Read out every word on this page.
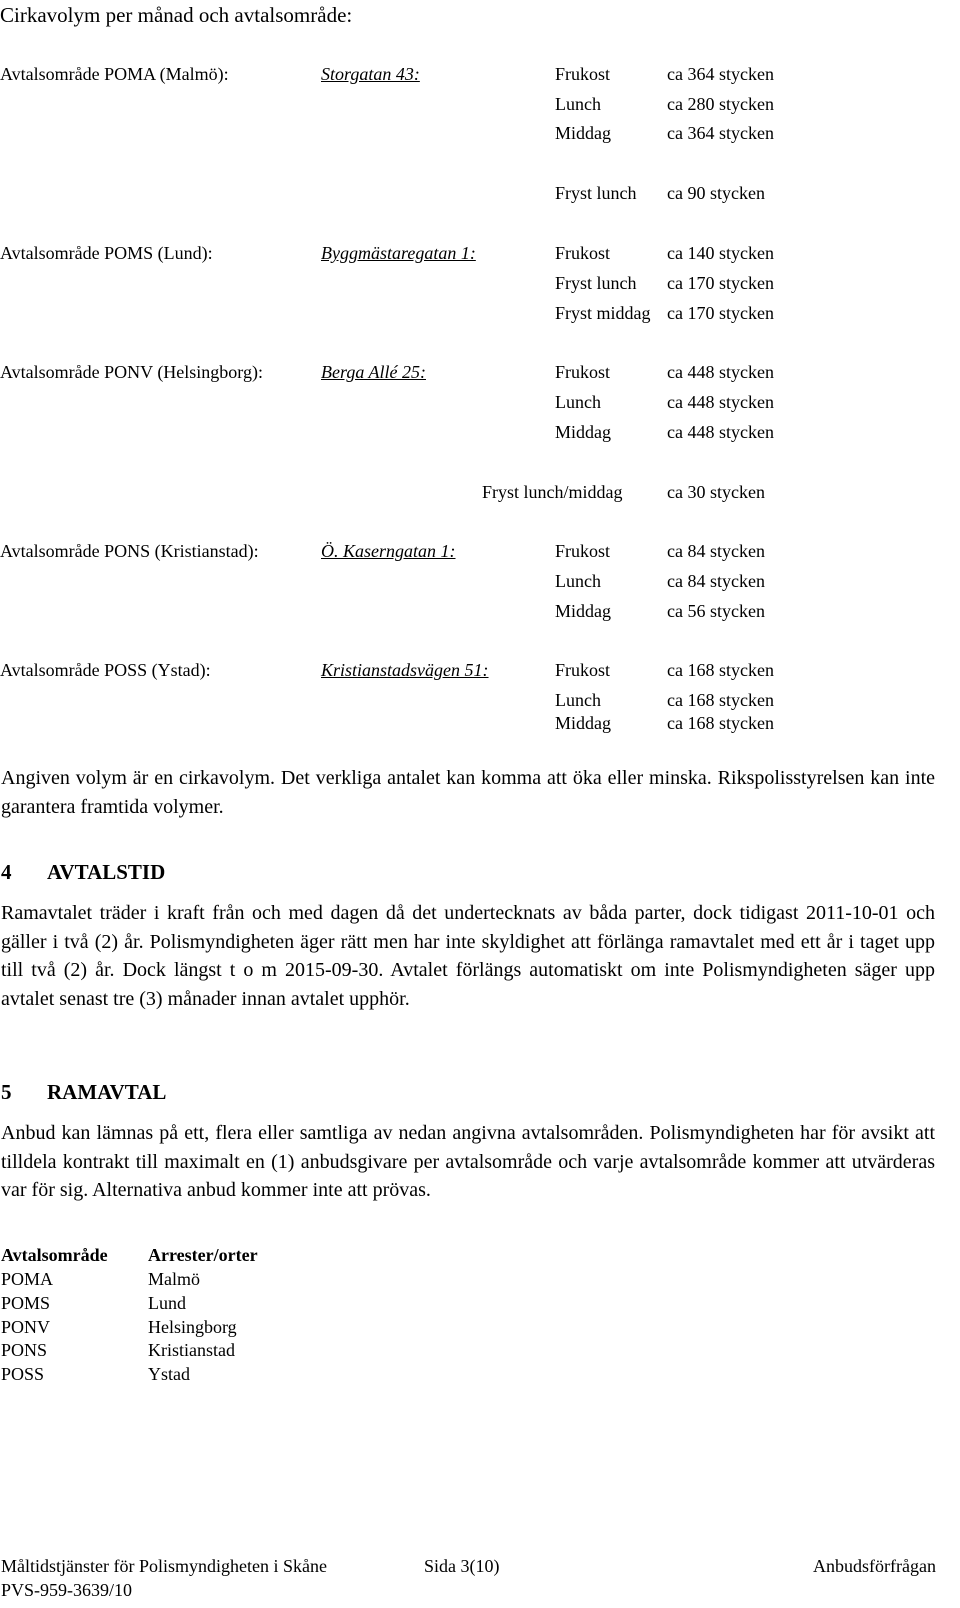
Cirkavolym per månad och avtalsområde:
Avtalsområde POMA (Malmö):	Storgatan 43:	Frukost	ca 364 stycken
Lunch	ca 280 stycken
Middag	ca 364 stycken
Fryst lunch ca 90 stycken
Avtalsområde POMS (Lund):	Byggmästaregatan 1:	Frukost	ca 140 stycken
Fryst lunch ca 170 stycken
Fryst middag ca 170 stycken
Avtalsområde PONV (Helsingborg):	Berga Allé 25:	Frukost	ca 448 stycken
Lunch	ca 448 stycken
Middag	ca 448 stycken
Fryst lunch/middag ca 30 stycken
Avtalsområde PONS (Kristianstad):	Ö. Kaserngatan 1:	Frukost	ca 84 stycken
Lunch	ca 84 stycken
Middag	ca 56 stycken
Avtalsområde POSS (Ystad):	Kristianstadsvägen 51:	Frukost	ca 168 stycken
Lunch	ca 168 stycken
Middag	ca 168 stycken
Angiven volym är en cirkavolym. Det verkliga antalet kan komma att öka eller minska. Rikspolisstyrelsen kan inte garantera framtida volymer.
4 AVTALSTID
Ramavtalet träder i kraft från och med dagen då det undertecknats av båda parter, dock tidigast 2011-10-01 och gäller i två (2) år. Polismyndigheten äger rätt men har inte skyldighet att förlänga ramavtalet med ett år i taget upp till två (2) år. Dock längst t o m 2015-09-30. Avtalet förlängs automatiskt om inte Polismyndigheten säger upp avtalet senast tre (3) månader innan avtalet upphör.
5 RAMAVTAL
Anbud kan lämnas på ett, flera eller samtliga av nedan angivna avtalsområden. Polismyndigheten har för avsikt att tilldela kontrakt till maximalt en (1) anbudsgivare per avtalsområde och varje avtalsområde kommer att utvärderas var för sig. Alternativa anbud kommer inte att prövas.
Avtalsområde Arrester/orter
POMA	Malmö
POMS	Lund
PONV	Helsingborg
PONS	Kristianstad
POSS	Ystad
Måltidstjänster för Polismyndigheten i Skåne	Sida 3(10)	Anbudsförfrågan
PVS-959-3639/10
